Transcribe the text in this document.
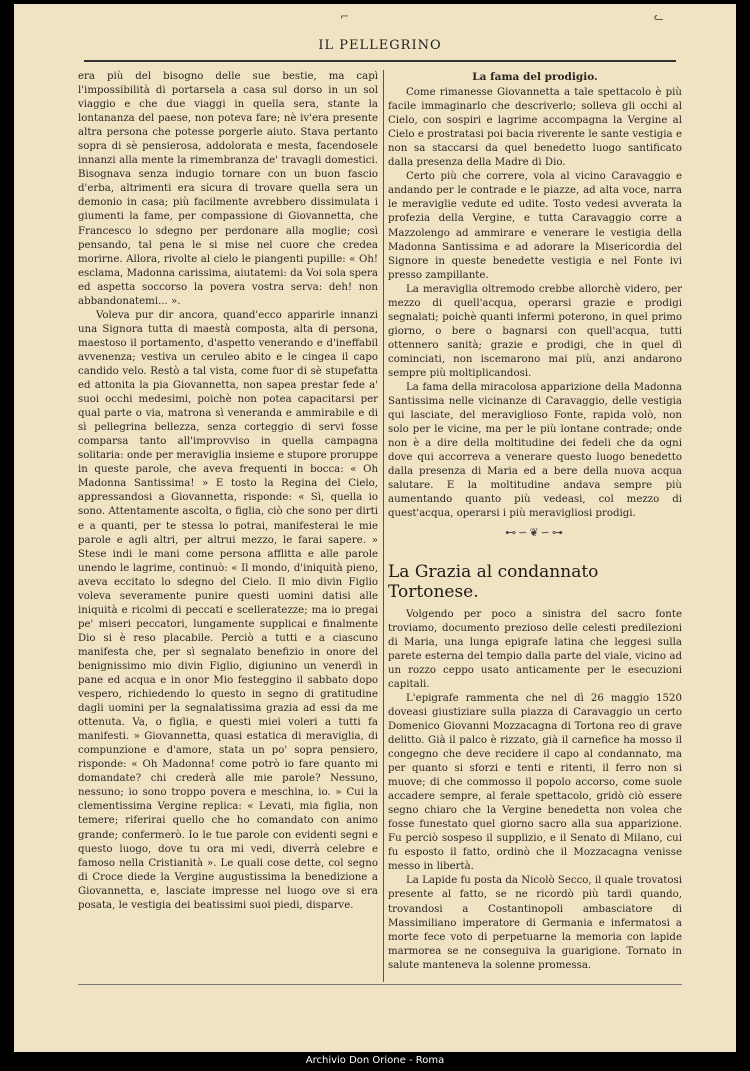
⌐	ᓚ
IL PELLEGRINO

era più del bisogno delle sue bestie, ma capì l'impossibilità di portarsela a casa sul dorso in un sol viaggio e che due viaggi in quella sera, stante la lontananza del paese, non poteva fare; nè iv'era presente altra persona che potesse porgerle aiuto. Stava pertanto sopra di sè pensierosa, addolorata e mesta, facendosele innanzi alla mente la rimembranza de' travagli domestici. Bisognava senza indugio tornare con un buon fascio d'erba, altrimenti era sicura di trovare quella sera un demonio in casa; più facilmente avrebbero dissimulata i giumenti la fame, per compassione di Giovannetta, che Francesco lo sdegno per perdonare alla moglie; così pensando, tal pena le si mise nel cuore che credea morirne. Allora, rivolte al cielo le piangenti pupille: « Oh! esclama, Madonna carissima, aiutatemi: da Voi sola spera ed aspetta soccorso la povera vostra serva: deh! non abbandonatemi... ».

Voleva pur dir ancora, quand'ecco apparirle innanzi una Signora tutta di maestà composta, alta di persona, maestoso il portamento, d'aspetto venerando e d'ineffabil avvenenza; vestiva un ceruleo abito e le cingea il capo candido velo. Restò a tal vista, come fuor di sè stupefatta ed attonita la pia Giovannetta, non sapea prestar fede a' suoi occhi medesimi, poichè non potea capacitarsi per qual parte o via, matrona sì veneranda e ammirabile e di sì pellegrina bellezza, senza corteggio di servi fosse comparsa tanto all'improvviso in quella campagna solitaria: onde per meraviglia insieme e stupore proruppe in queste parole, che aveva frequenti in bocca: « Oh Madonna Santissima! » E tosto la Regina del Cielo, appressandosi a Giovannetta, risponde: « Sì, quella io sono. Attentamente ascolta, o figlia, ciò che sono per dirti e a quanti, per te stessa lo potrai, manifesterai le mie parole e agli altri, per altrui mezzo, le farai sapere. » Stese indi le mani come persona afflitta e alle parole unendo le lagrime, continuò: « Il mondo, d'iniquità pieno, aveva eccitato lo sdegno del Cielo. Il mio divin Figlio voleva severamente punire questi uomini datisi alle iniquità e ricolmi di peccati e scelleratezze; ma io pregai pe' miseri peccatori, lungamente supplicai e finalmente Dio si è reso placabile. Perciò a tutti e a ciascuno manifesta che, per sì segnalato benefizio in onore del benignissimo mio divin Figlio, digiunino un venerdì in pane ed acqua e in onor Mio festeggino il sabbato dopo vespero, richiedendo lo questo in segno di gratitudine dagli uomini per la segnalatissima grazia ad essi da me ottenuta. Va, o figlia, e questi miei voleri a tutti fa manifesti. » Giovannetta, quasi estatica di meraviglia, di compunzione e d'amore, stata un po' sopra pensiero, risponde: « Oh Madonna! come potrò io fare quanto mi domandate? chi crederà alle mie parole? Nessuno, nessuno; io sono troppo povera e meschina, io. » Cui la clementissima Vergine replica: « Levati, mia figlia, non temere; riferirai quello che ho comandato con animo grande; confermerò. Io le tue parole con evidenti segni e questo luogo, dove tu ora mi vedi, diverrà celebre e famoso nella Cristianità ». Le quali cose dette, col segno di Croce diede la Vergine augustissima la benedizione a Giovannetta, e, lasciate impresse nel luogo ove si era posata, le vestigia dei beatissimi suoi piedi, disparve.

La fama del prodigio.

Come rimanesse Giovannetta a tale spettacolo è più facile immaginarlo che descriverlo; solleva gli occhi al Cielo, con sospiri e lagrime accompagna la Vergine al Cielo e prostratasi poi bacia riverente le sante vestigia e non sa staccarsi da quel benedetto luogo santificato dalla presenza della Madre di Dio.

Certo più che correre, vola al vicino Caravaggio e andando per le contrade e le piazze, ad alta voce, narra le meraviglie vedute ed udite. Tosto vedesi avverata la profezia della Vergine, e tutta Caravaggio corre a Mazzolengo ad ammirare e venerare le vestigia della Madonna Santissima e ad adorare la Misericordia del Signore in queste benedette vestigia e nel Fonte ivi presso zampillante.

La meraviglia oltremodo crebbe allorchè videro, per mezzo di quell'acqua, operarsi grazie e prodigi segnalati; poichè quanti infermi poterono, in quel primo giorno, o bere o bagnarsi con quell'acqua, tutti ottennero sanità; grazie e prodigi, che in quel dì cominciati, non iscemarono mai più, anzi andarono sempre più moltiplicandosi.

La fama della miracolosa apparizione della Madonna Santissima nelle vicinanze di Caravaggio, delle vestigia qui lasciate, del meraviglioso Fonte, rapida volò, non solo per le vicine, ma per le più lontane contrade; onde non è a dire della moltitudine dei fedeli che da ogni dove qui accorreva a venerare questo luogo benedetto dalla presenza di Maria ed a bere della nuova acqua salutare. E la moltitudine andava sempre più aumentando quanto più vedeasi, col mezzo di quest'acqua, operarsi i più meravigliosi prodigi.

⊷∽❦∽⊶
La Grazia al condannato Tortonese.

Volgendo per poco a sinistra del sacro fonte troviamo, documento prezioso delle celesti predilezioni di Maria, una lunga epigrafe latina che leggesi sulla parete esterna del tempio dalla parte del viale, vicino ad un rozzo ceppo usato anticamente per le esecuzioni capitali.

L'epigrafe rammenta che nel dì 26 maggio 1520 doveasi giustiziare sulla piazza di Caravaggio un certo Domenico Giovanni Mozzacagna di Tortona reo di grave delitto. Già il palco è rizzato, già il carnefice ha mosso il congegno che deve recidere il capo al condannato, ma per quanto si sforzi e tenti e ritenti, il ferro non si muove; di che commosso il popolo accorso, come suole accadere sempre, al ferale spettacolo, gridò ciò essere segno chiaro che la Vergine benedetta non volea che fosse funestato quel giorno sacro alla sua apparizione. Fu perciò sospeso il supplizio, e il Senato di Milano, cui fu esposto il fatto, ordinò che il Mozzacagna venisse messo in libertà.

La Lapide fu posta da Nicolò Secco, il quale trovatosi presente al fatto, se ne ricordò più tardi quando, trovandosi a Costantinopoli ambasciatore di Massimiliano imperatore di Germania e infermatosi a morte fece voto di perpetuarne la memoria con lapide marmorea se ne conseguiva la guarigione. Tornato in salute manteneva la solenne promessa.

Archivio Don Orione - Roma
